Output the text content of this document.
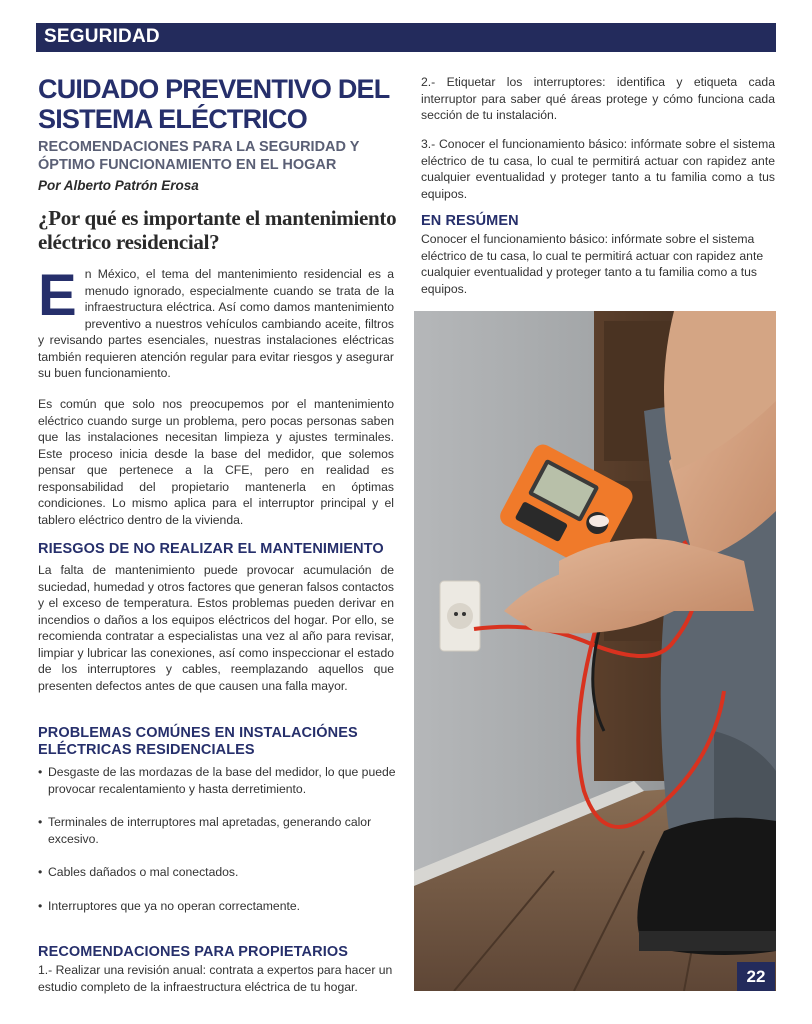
SEGURIDAD
CUIDADO PREVENTIVO DEL SISTEMA ELÉCTRICO
RECOMENDACIONES PARA LA SEGURIDAD Y ÓPTIMO FUNCIONAMIENTO EN EL HOGAR
Por Alberto Patrón Erosa
¿Por qué es importante el mantenimiento eléctrico residencial?
En México, el tema del mantenimiento residencial es a menudo ignorado, especialmente cuando se trata de la infraestructura eléctrica. Así como damos mantenimiento preventivo a nuestros vehículos cambiando aceite, filtros y revisando partes esenciales, nuestras instalaciones eléctricas también requieren atención regular para evitar riesgos y asegurar su buen funcionamiento.

Es común que solo nos preocupemos por el mantenimiento eléctrico cuando surge un problema, pero pocas personas saben que las instalaciones necesitan limpieza y ajustes terminales. Este proceso inicia desde la base del medidor, que solemos pensar que pertenece a la CFE, pero en realidad es responsabilidad del propietario mantenerla en óptimas condiciones. Lo mismo aplica para el interruptor principal y el tablero eléctrico dentro de la vivienda.

RIESGOS DE NO REALIZAR EL MANTENIMIENTO

La falta de mantenimiento puede provocar acumulación de suciedad, humedad y otros factores que generan falsos contactos y el exceso de temperatura. Estos problemas pueden derivar en incendios o daños a los equipos eléctricos del hogar. Por ello, se recomienda contratar a especialistas una vez al año para revisar, limpiar y lubricar las conexiones, así como inspeccionar el estado de los interruptores y cables, reemplazando aquellos que presenten defectos antes de que causen una falla mayor.

PROBLEMAS COMÚNES EN INSTALACIÓNES ELÉCTRICAS RESIDENCIALES
• Desgaste de las mordazas de la base del medidor, lo que puede provocar recalentamiento y hasta derretimiento.
• Terminales de interruptores mal apretadas, generando calor excesivo.
• Cables dañados o mal conectados.
• Interruptores que ya no operan correctamente.
RECOMENDACIONES PARA PROPIETARIOS

1.- Realizar una revisión anual: contrata a expertos para hacer un estudio completo de la infraestructura eléctrica de tu hogar.

2.- Etiquetar los interruptores: identifica y etiqueta cada interruptor para saber qué áreas protege y cómo funciona cada sección de tu instalación.

3.- Conocer el funcionamiento básico: infórmate sobre el sistema eléctrico de tu casa, lo cual te permitirá actuar con rapidez ante cualquier eventualidad y proteger tanto a tu familia como a tus equipos.

EN RESÚMEN

Conocer el funcionamiento básico: infórmate sobre el sistema eléctrico de tu casa, lo cual te permitirá actuar con rapidez ante cualquier eventualidad y proteger tanto a tu familia como a tus equipos.

22
